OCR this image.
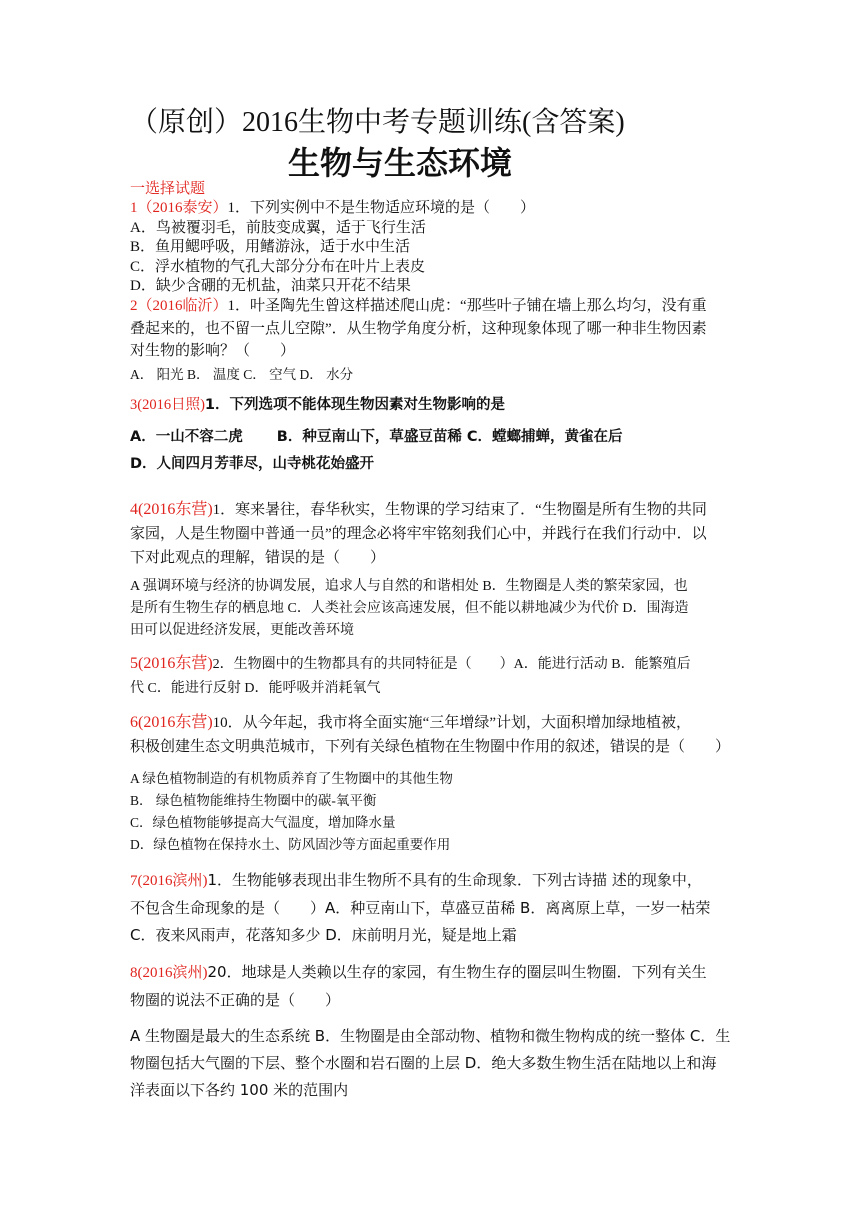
（原创）2016生物中考专题训练(含答案)
生物与生态环境
一选择试题
1（2016泰安）1．下列实例中不是生物适应环境的是（　　）
A．鸟被覆羽毛，前肢变成翼，适于飞行生活
B．鱼用鳃呼吸，用鳍游泳，适于水中生活
C．浮水植物的气孔大部分分布在叶片上表皮
D．缺少含硼的无机盐，油菜只开花不结果
2（2016临沂）1．叶圣陶先生曾这样描述爬山虎：“那些叶子铺在墙上那么均匀，没有重
叠起来的，也不留一点儿空隙”．从生物学角度分析，这种现象体现了哪一种非生物因素
对生物的影响？（　　）
A． 阳光 B． 温度 C． 空气 D． 水分
3(2016日照)1．下列选项不能体现生物因素对生物影响的是
A．一山不容二虎　　 B．种豆南山下，草盛豆苗稀 C．螳螂捕蝉，黄雀在后
D．人间四月芳菲尽，山寺桃花始盛开
4(2016东营)1．寒来暑往，春华秋实，生物课的学习结束了．“生物圈是所有生物的共同
家园，人是生物圈中普通一员”的理念必将牢牢铭刻我们心中，并践行在我们行动中．以
下对此观点的理解，错误的是（　　）
A 强调环境与经济的协调发展，追求人与自然的和谐相处 B．生物圈是人类的繁荣家园，也
是所有生物生存的栖息地 C．人类社会应该高速发展，但不能以耕地减少为代价 D．围海造
田可以促进经济发展，更能改善环境
5(2016东营)2．生物圈中的生物都具有的共同特征是（　　）A．能进行活动 B．能繁殖后
代 C．能进行反射 D．能呼吸并消耗氧气
6(2016东营)10．从今年起，我市将全面实施“三年增绿”计划，大面积增加绿地植被，
积极创建生态文明典范城市，下列有关绿色植物在生物圈中作用的叙述，错误的是（　　）
A 绿色植物制造的有机物质养育了生物圈中的其他生物
B． 绿色植物能维持生物圈中的碳-氧平衡
C．绿色植物能够提高大气温度，增加降水量
D．绿色植物在保持水土、防风固沙等方面起重要作用
7(2016滨州)1．生物能够表现出非生物所不具有的生命现象．下列古诗描 述的现象中，
不包含生命现象的是（　　）A．种豆南山下，草盛豆苗稀 B．离离原上草，一岁一枯荣
C．夜来风雨声，花落知多少 D．床前明月光，疑是地上霜
8(2016滨州)20．地球是人类赖以生存的家园，有生物生存的圈层叫生物圈．下列有关生
物圈的说法不正确的是（　　）
A 生物圈是最大的生态系统 B．生物圈是由全部动物、植物和微生物构成的统一整体 C．生
物圈包括大气圈的下层、整个水圈和岩石圈的上层 D．绝大多数生物生活在陆地以上和海
洋表面以下各约 100 米的范围内
